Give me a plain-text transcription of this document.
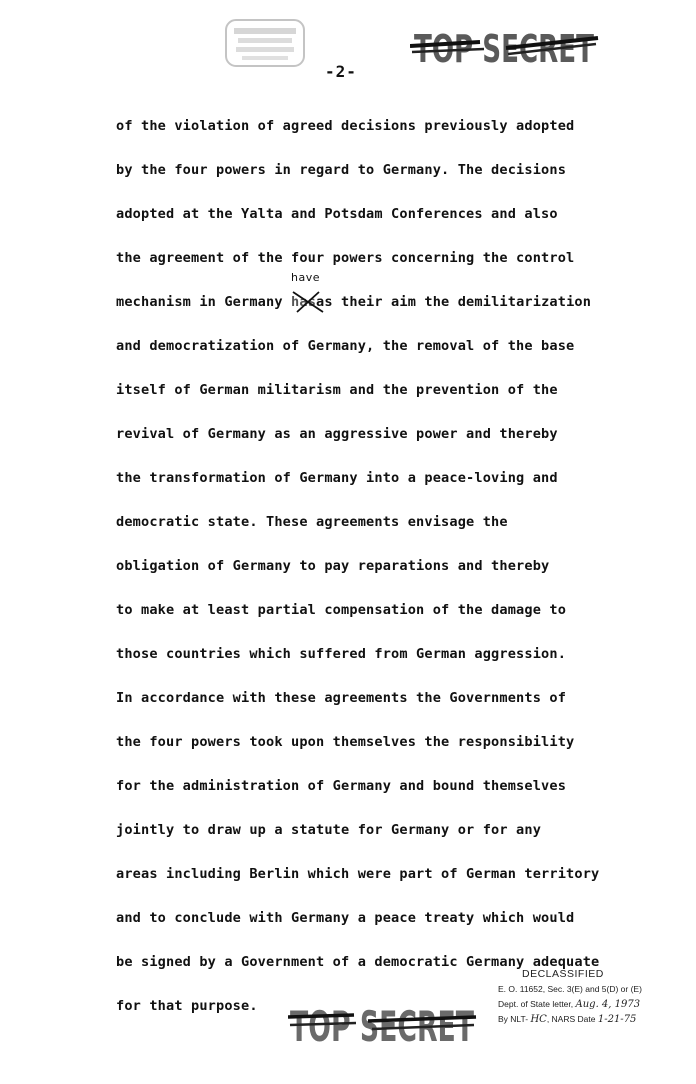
TOP SECRET
-2-
of the violation of agreed decisions previously adopted
by the four powers in regard to Germany. The decisions
adopted at the Yalta and Potsdam Conferences and also
the agreement of the four powers concerning the control
mechanism in Germany
have
has
as their aim the demilitarization
and democratization of Germany, the removal of the base
itself of German militarism and the prevention of the
revival of Germany as an aggressive power and thereby
the transformation of Germany into a peace-loving and
democratic state. These agreements envisage the
obligation of Germany to pay reparations and thereby
to make at least partial compensation of the damage to
those countries which suffered from German aggression.
In accordance with these agreements the Governments of
the four powers took upon themselves the responsibility
for the administration of Germany and bound themselves
jointly to draw up a statute for Germany or for any
areas including Berlin which were part of German territory
and to conclude with Germany a peace treaty which would
be signed by a Government of a democratic Germany adequate
for that purpose. TOP SECRET
DECLASSIFIED
E. O. 11652, Sec. 3(E) and 5(D) or (E)
Dept. of State letter, Aug. 4, 1973
By NLT- HC, NARS Date 1-21-75
